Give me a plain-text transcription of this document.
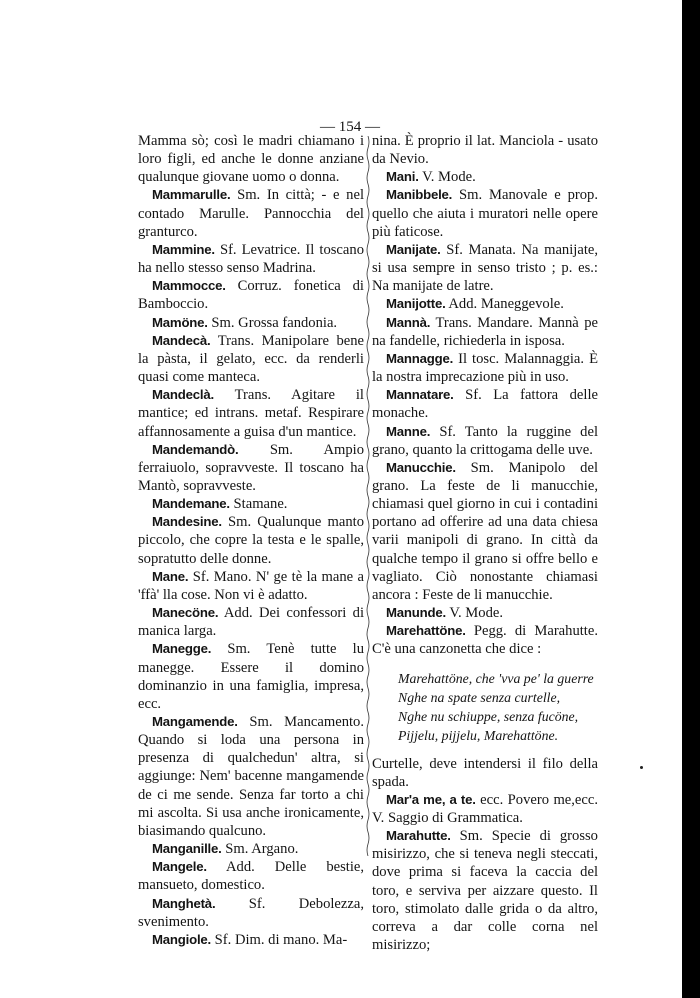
— 154 —

Mamma sò; così le madri chiamano i loro figli, ed anche le donne anziane qualunque giovane uomo o donna.

Mammarulle. Sm. In città; - e nel contado Marulle. Pannocchia del granturco.

Mammine. Sf. Levatrice. Il toscano ha nello stesso senso Madrina.

Mammocce. Corruz. fonetica di Bamboccio.

Mamöne. Sm. Grossa fandonia.

Mandecà. Trans. Manipolare bene la pàsta, il gelato, ecc. da renderli quasi come manteca.

Mandeclà. Trans. Agitare il mantice; ed intrans. metaf. Respirare affannosamente a guisa d'un mantice.

Mandemandò. Sm. Ampio ferraiuolo, sopravveste. Il toscano ha Mantò, sopravveste.

Mandemane. Stamane.

Mandesine. Sm. Qualunque manto piccolo, che copre la testa e le spalle, sopratutto delle donne.

Mane. Sf. Mano. N' ge tè la mane a 'ffà' lla cose. Non vi è adatto.

Manecöne. Add. Dei confessori di manica larga.

Manegge. Sm. Tenè tutte lu manegge. Essere il domino dominanzio in una famiglia, impresa, ecc.

Mangamende. Sm. Mancamento. Quando si loda una persona in presenza di qualchedun' altra, si aggiunge: Nem' bacenne mangamende de ci me sende. Senza far torto a chi mi ascolta. Si usa anche ironicamente, biasimando qualcuno.

Manganille. Sm. Argano.

Mangele. Add. Delle bestie, mansueto, domestico.

Manghetà. Sf. Debolezza, svenimento.

Mangiole. Sf. Dim. di mano. Ma-

nina. È proprio il lat. Manciola - usato da Nevio.

Mani. V. Mode.

Manibbele. Sm. Manovale e prop. quello che aiuta i muratori nelle opere più faticose.

Manijate. Sf. Manata. Na manijate, si usa sempre in senso tristo ; p. es.: Na manijate de latre.

Manijotte. Add. Maneggevole.

Mannà. Trans. Mandare. Mannà pe na fandelle, richiederla in isposa.

Mannagge. Il tosc. Malannaggia. È la nostra imprecazione più in uso.

Mannatare. Sf. La fattora delle monache.

Manne. Sf. Tanto la ruggine del grano, quanto la crittogama delle uve.

Manucchie. Sm. Manipolo del grano. La feste de li manucchie, chiamasi quel giorno in cui i contadini portano ad offerire ad una data chiesa varii manipoli di grano. In città da qualche tempo il grano si offre bello e vagliato. Ciò nonostante chiamasi ancora : Feste de li manucchie.

Manunde. V. Mode.

Marehattöne. Pegg. di Marahutte. C'è una canzonetta che dice :

Marehattöne, che 'vva pe' la guerre
Nghe na spate senza curtelle,
Nghe nu schiuppe, senza fucöne,
Pijjelu, pijjelu, Marehattöne.

Curtelle, deve intendersi il filo della spada.

Mar'a me, a te. ecc. Povero me,ecc. V. Saggio di Grammatica.

Marahutte. Sm. Specie di grosso misirizzo, che si teneva negli steccati, dove prima si faceva la caccia del toro, e serviva per aizzare questo. Il toro, stimolato dalle grida o da altro, correva a dar colle corna nel misirizzo;
